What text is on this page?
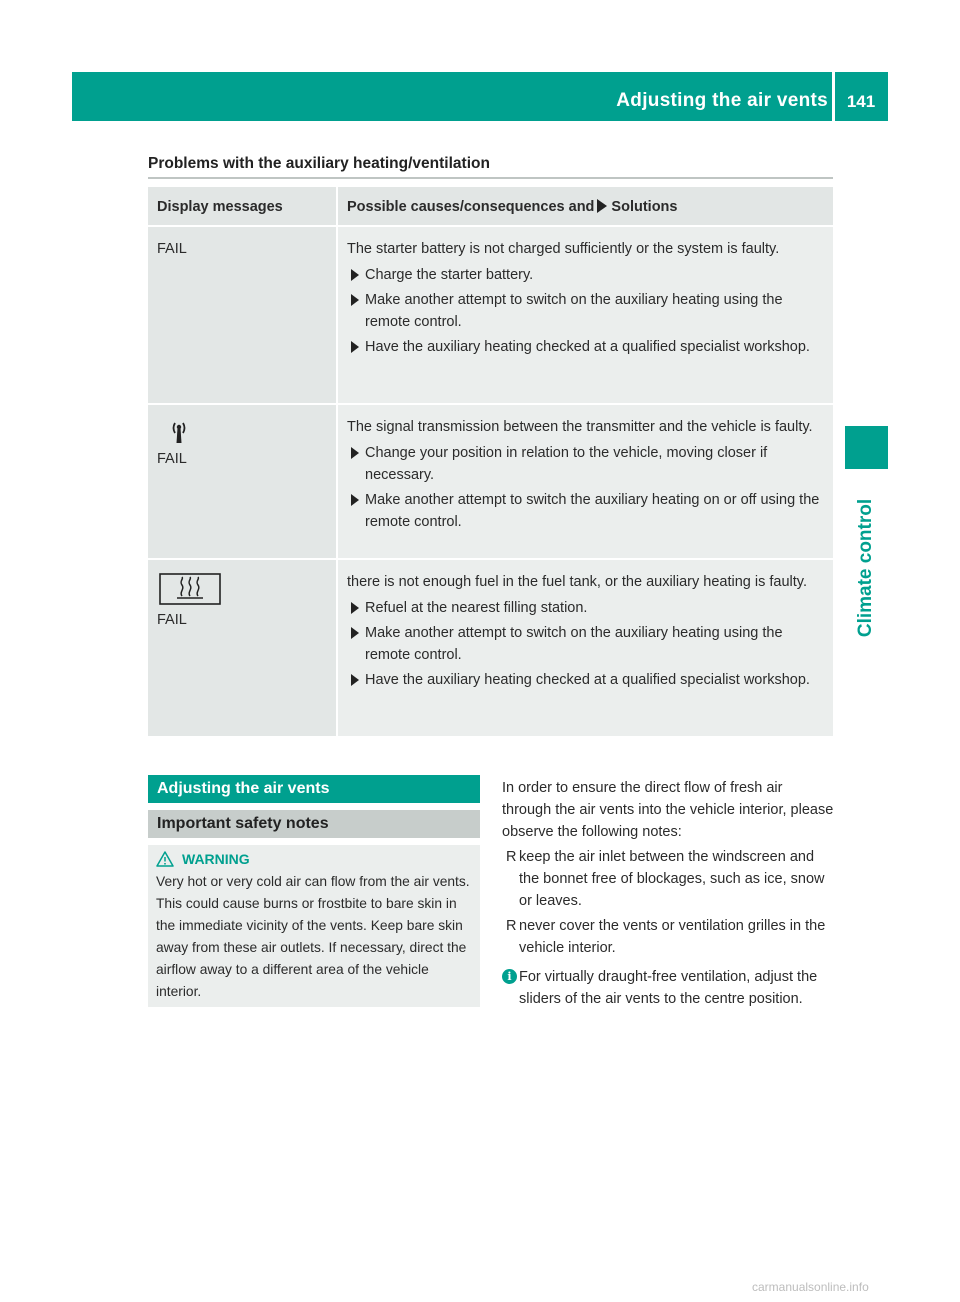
Adjusting the air vents	141
Climate control
Problems with the auxiliary heating/ventilation
Display messages	Possible causes/consequences and Solutions

FAIL	The starter battery is not charged sufficiently or the system is faulty.
Charge the starter battery.
Make another attempt to switch on the auxiliary heating using the remote control.
Have the auxiliary heating checked at a qualified specialist workshop.

FAIL	The signal transmission between the transmitter and the vehicle is faulty.
Change your position in relation to the vehicle, moving closer if necessary.
Make another attempt to switch the auxiliary heating on or off using the remote control.

FAIL	there is not enough fuel in the fuel tank, or the auxiliary heating is faulty.
Refuel at the nearest filling station.
Make another attempt to switch on the auxiliary heating using the remote control.
Have the auxiliary heating checked at a qualified specialist workshop.
Adjusting the air vents
Important safety notes
WARNING
Very hot or very cold air can flow from the air vents. This could cause burns or frostbite to bare skin in the immediate vicinity of the vents. Keep bare skin away from these air outlets. If necessary, direct the airflow away to a different area of the vehicle interior.

In order to ensure the direct flow of fresh air through the air vents into the vehicle interior, please observe the following notes:

R keep the air inlet between the windscreen and the bonnet free of blockages, such as ice, snow or leaves.
R never cover the vents or ventilation grilles in the vehicle interior.
i For virtually draught-free ventilation, adjust the sliders of the air vents to the centre position.
carmanualsonline.info
